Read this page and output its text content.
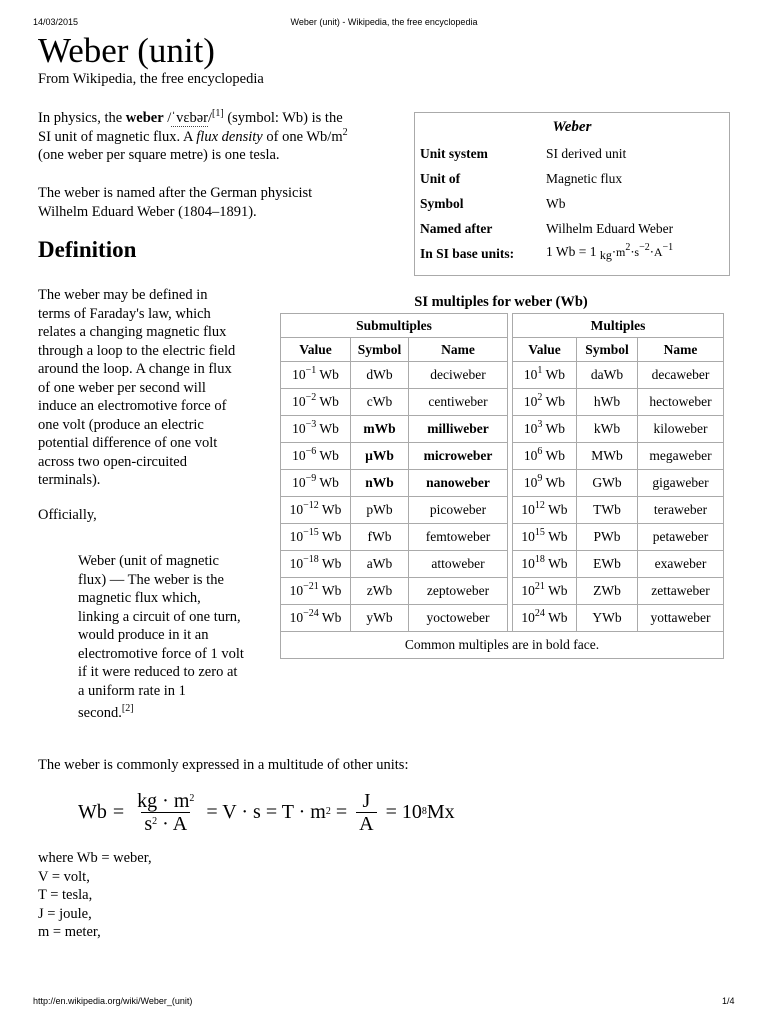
14/03/2015	Weber (unit) - Wikipedia, the free encyclopedia
http://en.wikipedia.org/wiki/Weber_(unit)	1/4
Weber (unit)
From Wikipedia, the free encyclopedia
In physics, the weber /ˈvɛbər/[1] (symbol: Wb) is the
SI unit of magnetic flux. A flux density of one $Wb/m^2$
(one weber per square metre) is one tesla.
The weber is named after the German physicist
Wilhelm Eduard Weber (1804–1891).
Weber
Unit system	SI derived unit
Unit of	Magnetic flux
Symbol	Wb
Named after	Wilhelm Eduard Weber
In SI base units:	1 Wb = 1 $kg\cdot m^2\cdot s^{-2}\cdot A^{-1}$
Definition
The weber may be defined in
terms of Faraday's law, which
relates a changing magnetic flux
through a loop to the electric field
around the loop. A change in flux
of one weber per second will
induce an electromotive force of
one volt (produce an electric
potential difference of one volt
across two open-circuited
terminals).
Officially,
Weber (unit of magnetic
flux) — The weber is the
magnetic flux which,
linking a circuit of one turn,
would produce in it an
electromotive force of 1 volt
if it were reduced to zero at
a uniform rate in 1
second.[2]
SI multiples for weber (Wb)
Submultiples				Multiples		
Value	Symbol	Name		Value	Symbol	Name
$10^{-1}$ Wb	dWb	deciweber		$10^1$ Wb	daWb	decaweber
$10^{-2}$ Wb	cWb	centiweber		$10^2$ Wb	hWb	hectoweber
$10^{-3}$ Wb	mWb	milliweber		$10^3$ Wb	kWb	kiloweber
$10^{-6}$ Wb	µWb	microweber		$10^6$ Wb	MWb	megaweber
$10^{-9}$ Wb	nWb	nanoweber		$10^9$ Wb	GWb	gigaweber
$10^{-12}$ Wb	pWb	picoweber		$10^{12}$ Wb	TWb	teraweber
$10^{-15}$ Wb	fWb	femtoweber		$10^{15}$ Wb	PWb	petaweber
$10^{-18}$ Wb	aWb	attoweber		$10^{18}$ Wb	EWb	exaweber
$10^{-21}$ Wb	zWb	zeptoweber		$10^{21}$ Wb	ZWb	zettaweber
$10^{-24}$ Wb	yWb	yoctoweber		$10^{24}$ Wb	YWb	yottaweber
Common multiples are in bold face.						
The weber is commonly expressed in a multitude of other units:
$Wb = \frac{kg \cdot m^2}{s^2 \cdot A} = V \cdot s = T \cdot m$ $2 = \frac{J}{A} = 10$ 8 Mx
where Wb = weber,
V = volt,
T = tesla,
J = joule,
m = meter,
